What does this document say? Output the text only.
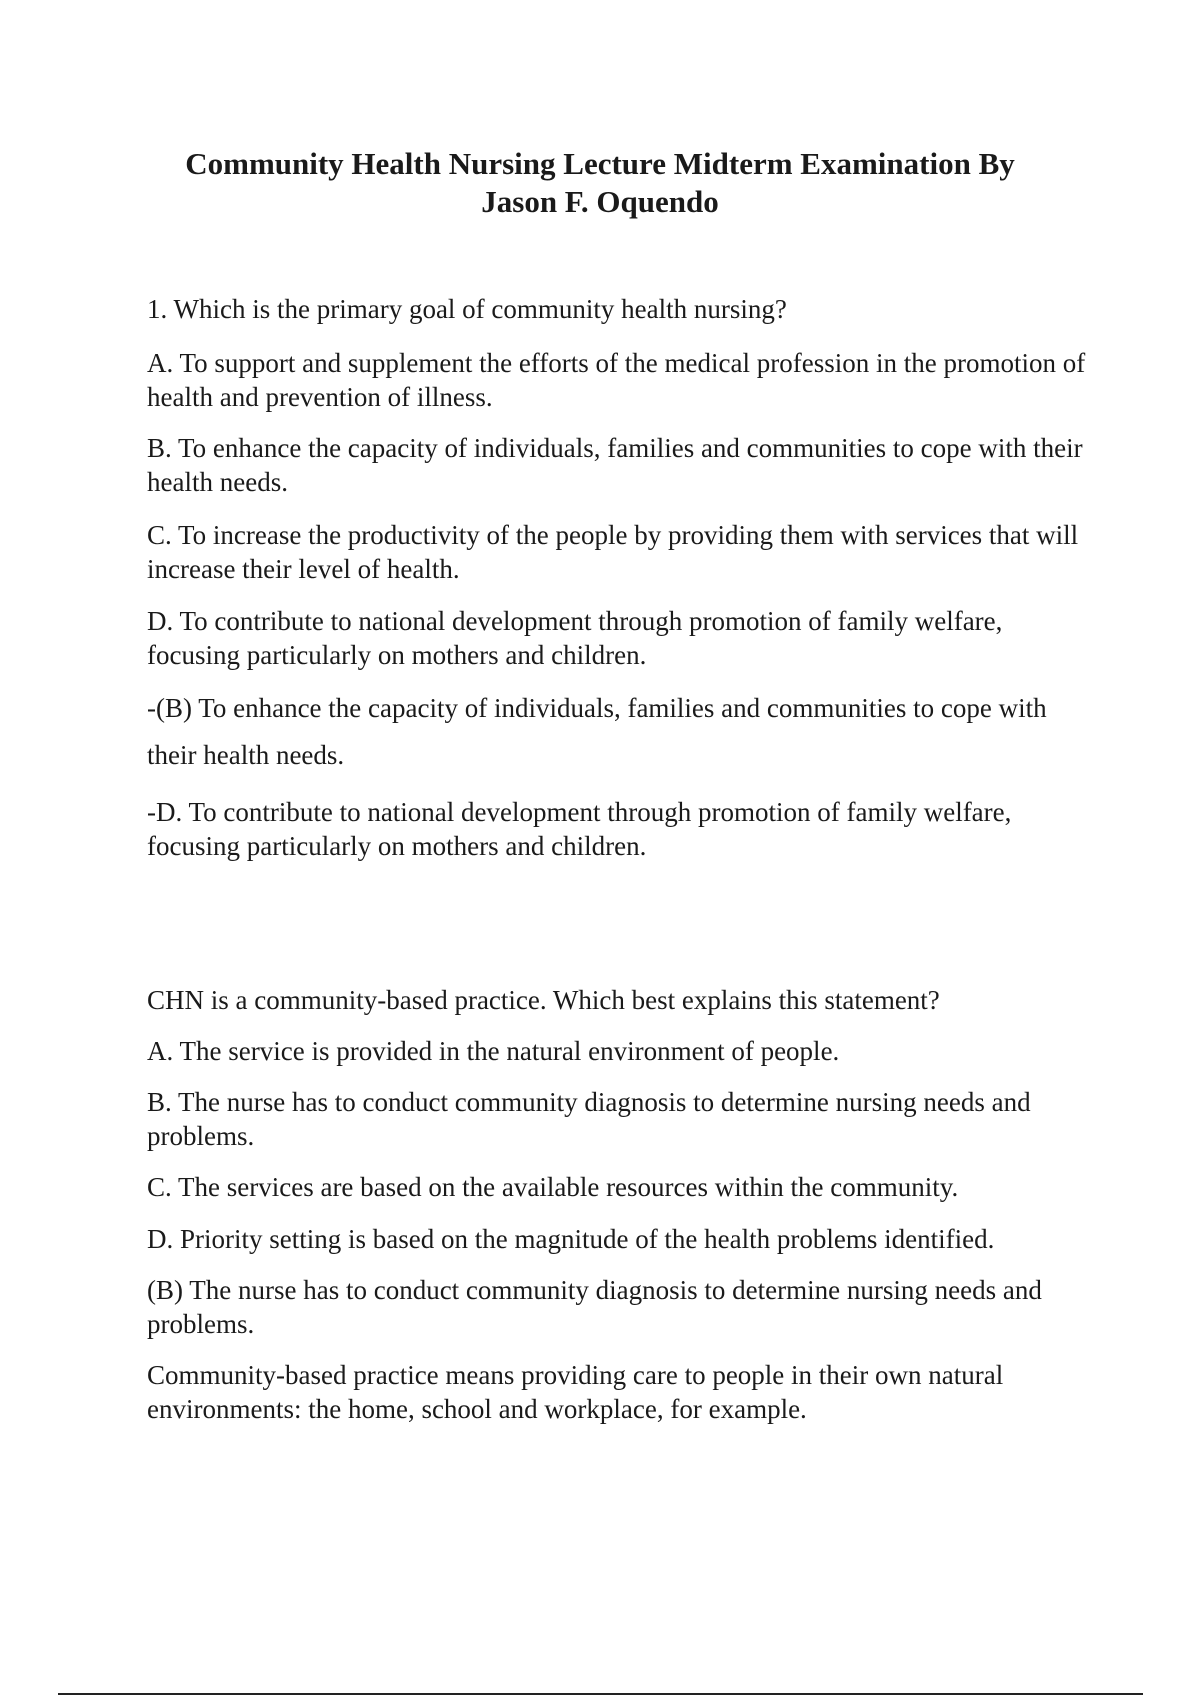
Community Health Nursing Lecture Midterm Examination By Jason F. Oquendo

1. Which is the primary goal of community health nursing?

A. To support and supplement the efforts of the medical profession in the promotion of health and prevention of illness.

B. To enhance the capacity of individuals, families and communities to cope with their health needs.

C. To increase the productivity of the people by providing them with services that will increase their level of health.

D. To contribute to national development through promotion of family welfare, focusing particularly on mothers and children.

-(B) To enhance the capacity of individuals, families and communities to cope with their health needs.

-D. To contribute to national development through promotion of family welfare, focusing particularly on mothers and children.

CHN is a community-based practice. Which best explains this statement?

A. The service is provided in the natural environment of people.

B. The nurse has to conduct community diagnosis to determine nursing needs and problems.

C. The services are based on the available resources within the community.

D. Priority setting is based on the magnitude of the health problems identified.

(B) The nurse has to conduct community diagnosis to determine nursing needs and problems.

Community-based practice means providing care to people in their own natural environments: the home, school and workplace, for example.
